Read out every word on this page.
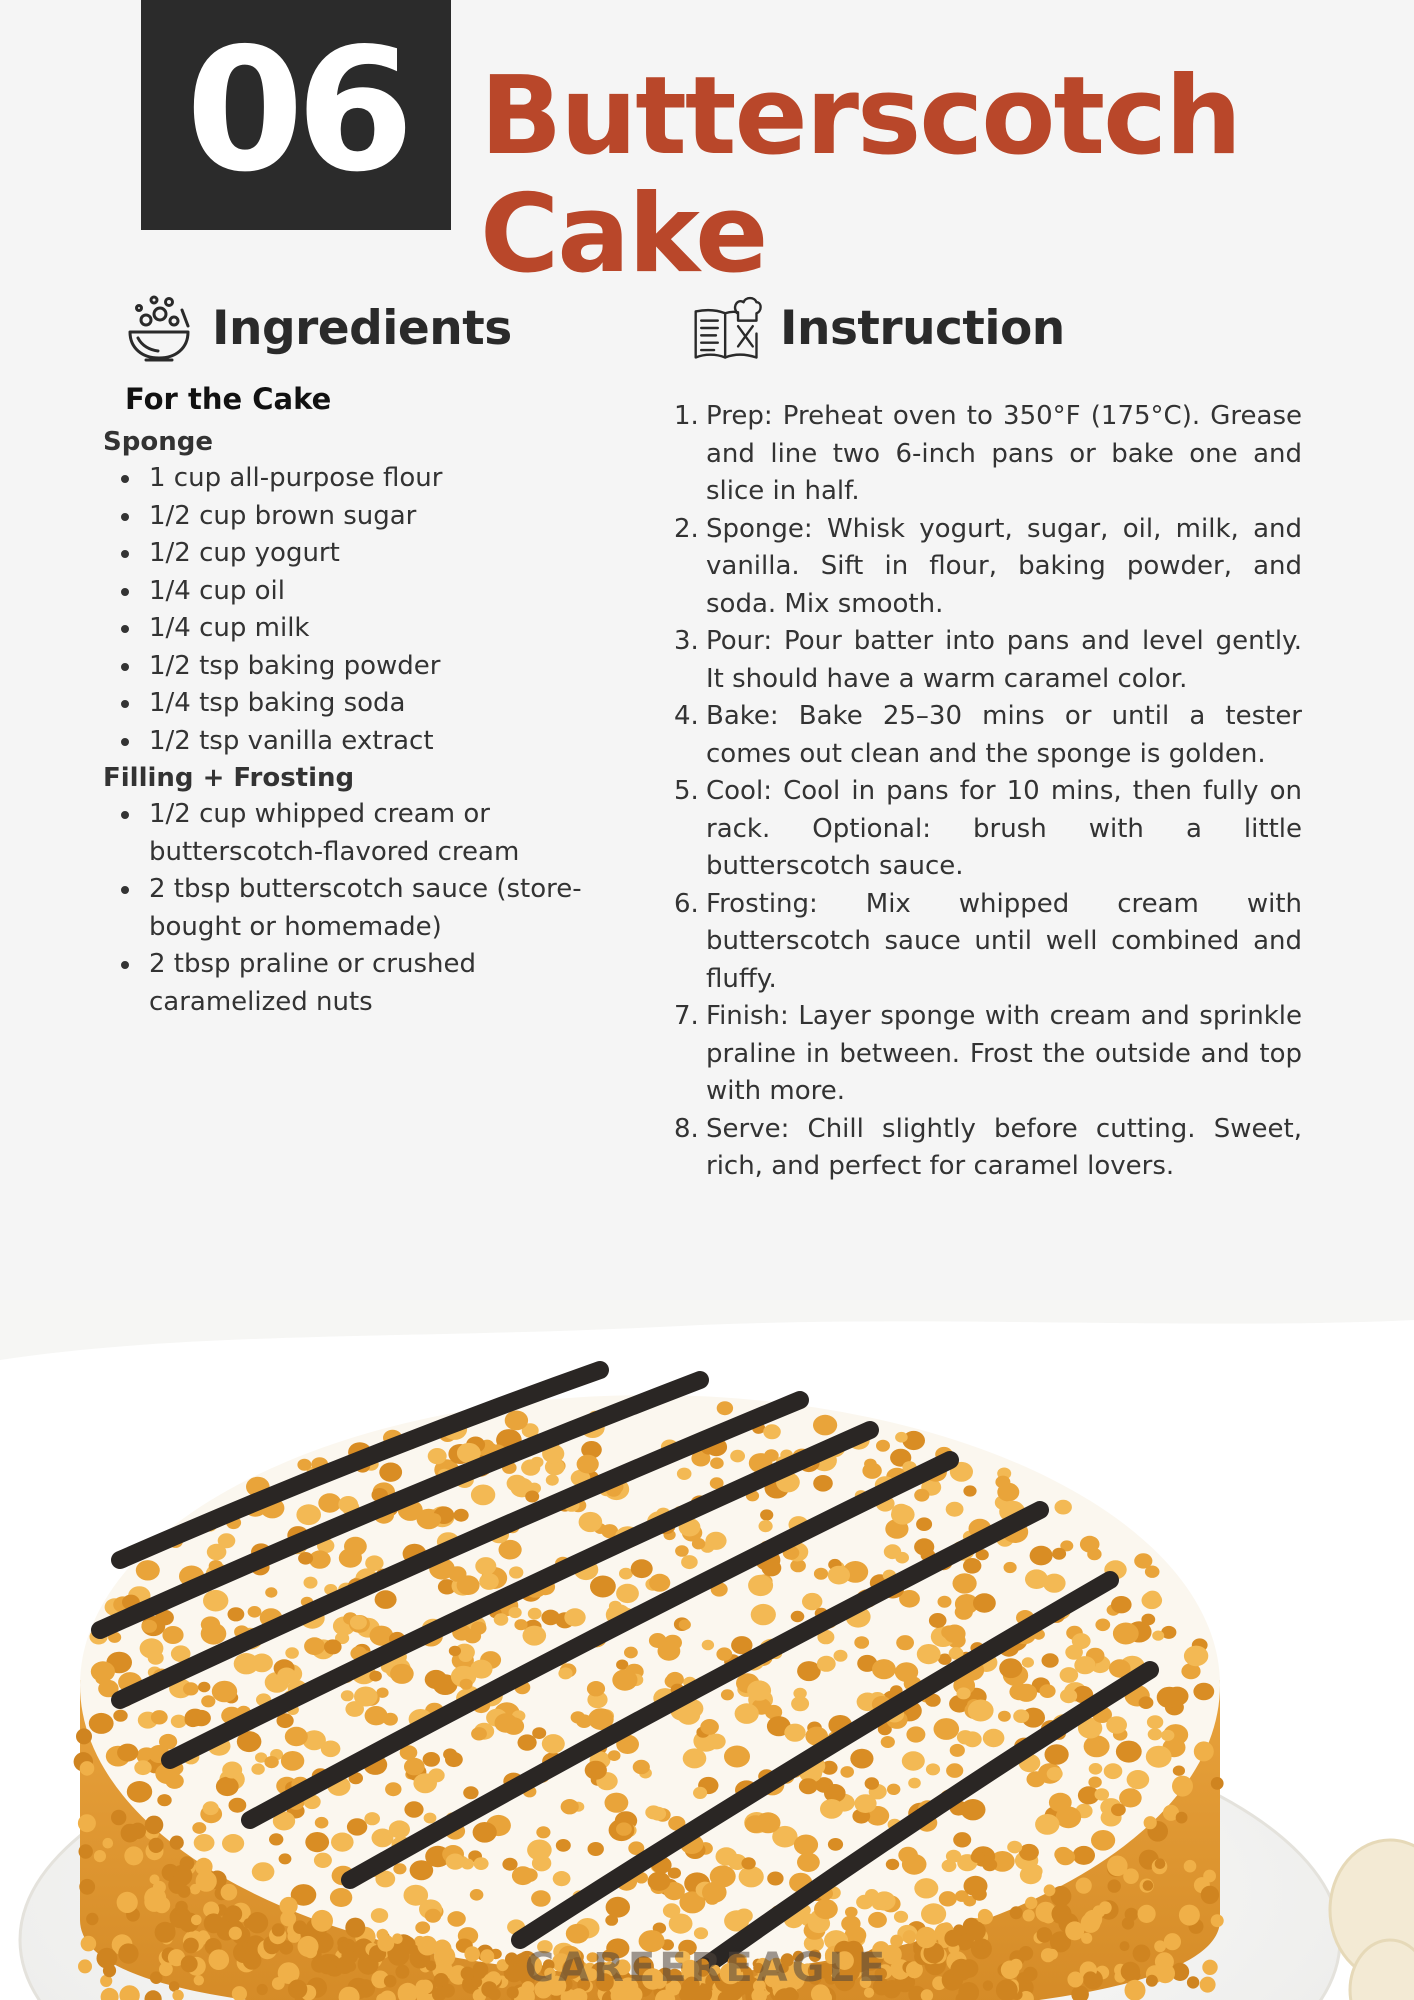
06 Butterscotch
Cake
Ingredients	Instruction
For the Cake
Sponge
1 cup all-purpose flour
1/2 cup brown sugar
1/2 cup yogurt
1/4 cup oil
1/4 cup milk
1/2 tsp baking powder
1/4 tsp baking soda
1/2 tsp vanilla extract
Filling + Frosting
1/2 cup whipped cream or butterscotch-flavored cream
2 tbsp butterscotch sauce (store-bought or homemade)
2 tbsp praline or crushed caramelized nuts
1. Prep: Preheat oven to 350°F (175°C). Grease and line two 6-inch pans or bake one and slice in half.
2. Sponge: Whisk yogurt, sugar, oil, milk, and vanilla. Sift in flour, baking powder, and soda. Mix smooth.
3. Pour: Pour batter into pans and level gently. It should have a warm caramel color.
4. Bake: Bake 25–30 mins or until a tester comes out clean and the sponge is golden.
5. Cool: Cool in pans for 10 mins, then fully on rack. Optional: brush with a little butterscotch sauce.
6. Frosting: Mix whipped cream with butterscotch sauce until well combined and fluffy.
7. Finish: Layer sponge with cream and sprinkle praline in between. Frost the outside and top with more.
8. Serve: Chill slightly before cutting. Sweet, rich, and perfect for caramel lovers.
CAREEREAGLE
